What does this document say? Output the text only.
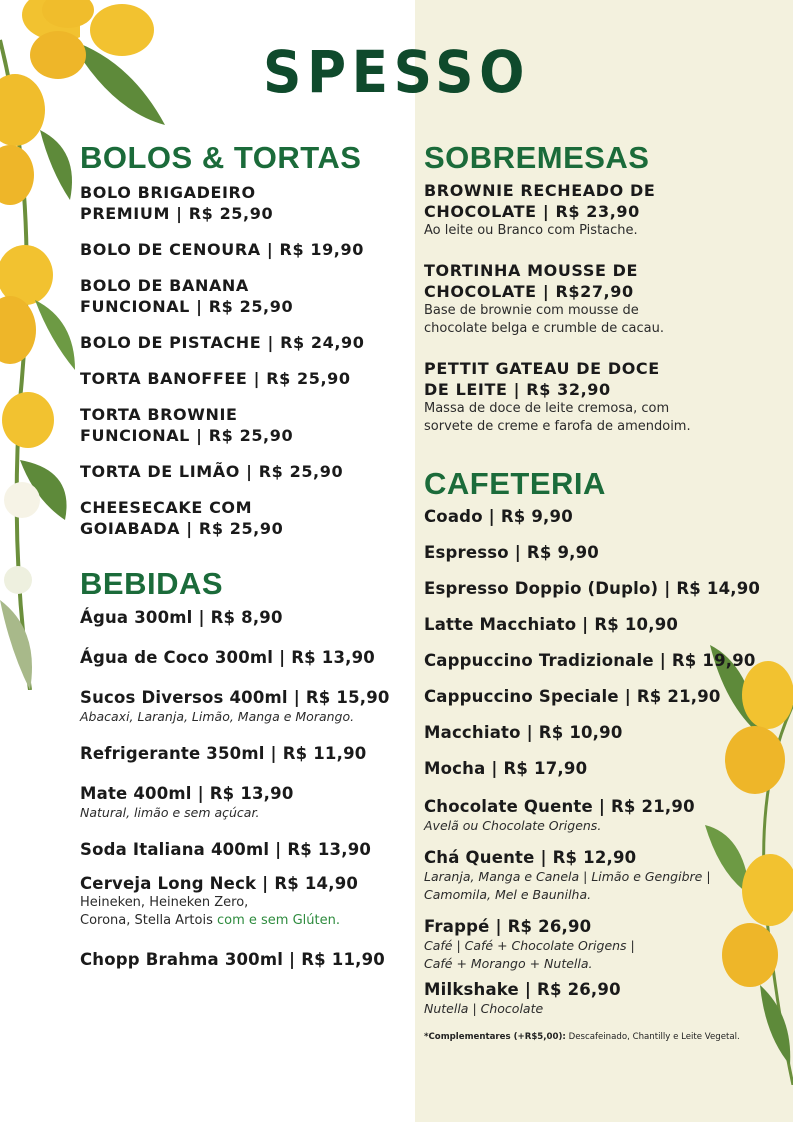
SPESSO
BOLOS & TORTAS
BOLO BRIGADEIRO
PREMIUM | R$ 25,90
BOLO DE CENOURA | R$ 19,90
BOLO DE BANANA
FUNCIONAL | R$ 25,90
BOLO DE PISTACHE | R$ 24,90
TORTA BANOFFEE | R$ 25,90
TORTA BROWNIE
FUNCIONAL | R$ 25,90
TORTA DE LIMÃO | R$ 25,90
CHEESECAKE COM
GOIABADA | R$ 25,90
BEBIDAS
Água 300ml | R$ 8,90
Água de Coco 300ml | R$ 13,90
Sucos Diversos 400ml | R$ 15,90
Abacaxi, Laranja, Limão, Manga e Morango.
Refrigerante 350ml | R$ 11,90
Mate 400ml | R$ 13,90
Natural, limão e sem açúcar.
Soda Italiana 400ml | R$ 13,90
Cerveja Long Neck | R$ 14,90
Heineken, Heineken Zero,
Corona, Stella Artois com e sem Glúten.
Chopp Brahma 300ml | R$ 11,90
SOBREMESAS
BROWNIE RECHEADO DE
CHOCOLATE | R$ 23,90
Ao leite ou Branco com Pistache.
TORTINHA MOUSSE DE
CHOCOLATE | R$27,90
Base de brownie com mousse de
chocolate belga e crumble de cacau.
PETTIT GATEAU DE DOCE
DE LEITE | R$ 32,90
Massa de doce de leite cremosa, com
sorvete de creme e farofa de amendoim.
CAFETERIA
Coado | R$ 9,90
Espresso | R$ 9,90
Espresso Doppio (Duplo) | R$ 14,90
Latte Macchiato | R$ 10,90
Cappuccino Tradizionale | R$ 19,90
Cappuccino Speciale | R$ 21,90
Macchiato | R$ 10,90
Mocha | R$ 17,90
Chocolate Quente | R$ 21,90
Avelã ou Chocolate Origens.
Chá Quente | R$ 12,90
Laranja, Manga e Canela | Limão e Gengibre |
Camomila, Mel e Baunilha.
Frappé | R$ 26,90
Café | Café + Chocolate Origens |
Café + Morango + Nutella.
Milkshake | R$ 26,90
Nutella | Chocolate
*Complementares (+R$5,00): Descafeinado, Chantilly e Leite Vegetal.
